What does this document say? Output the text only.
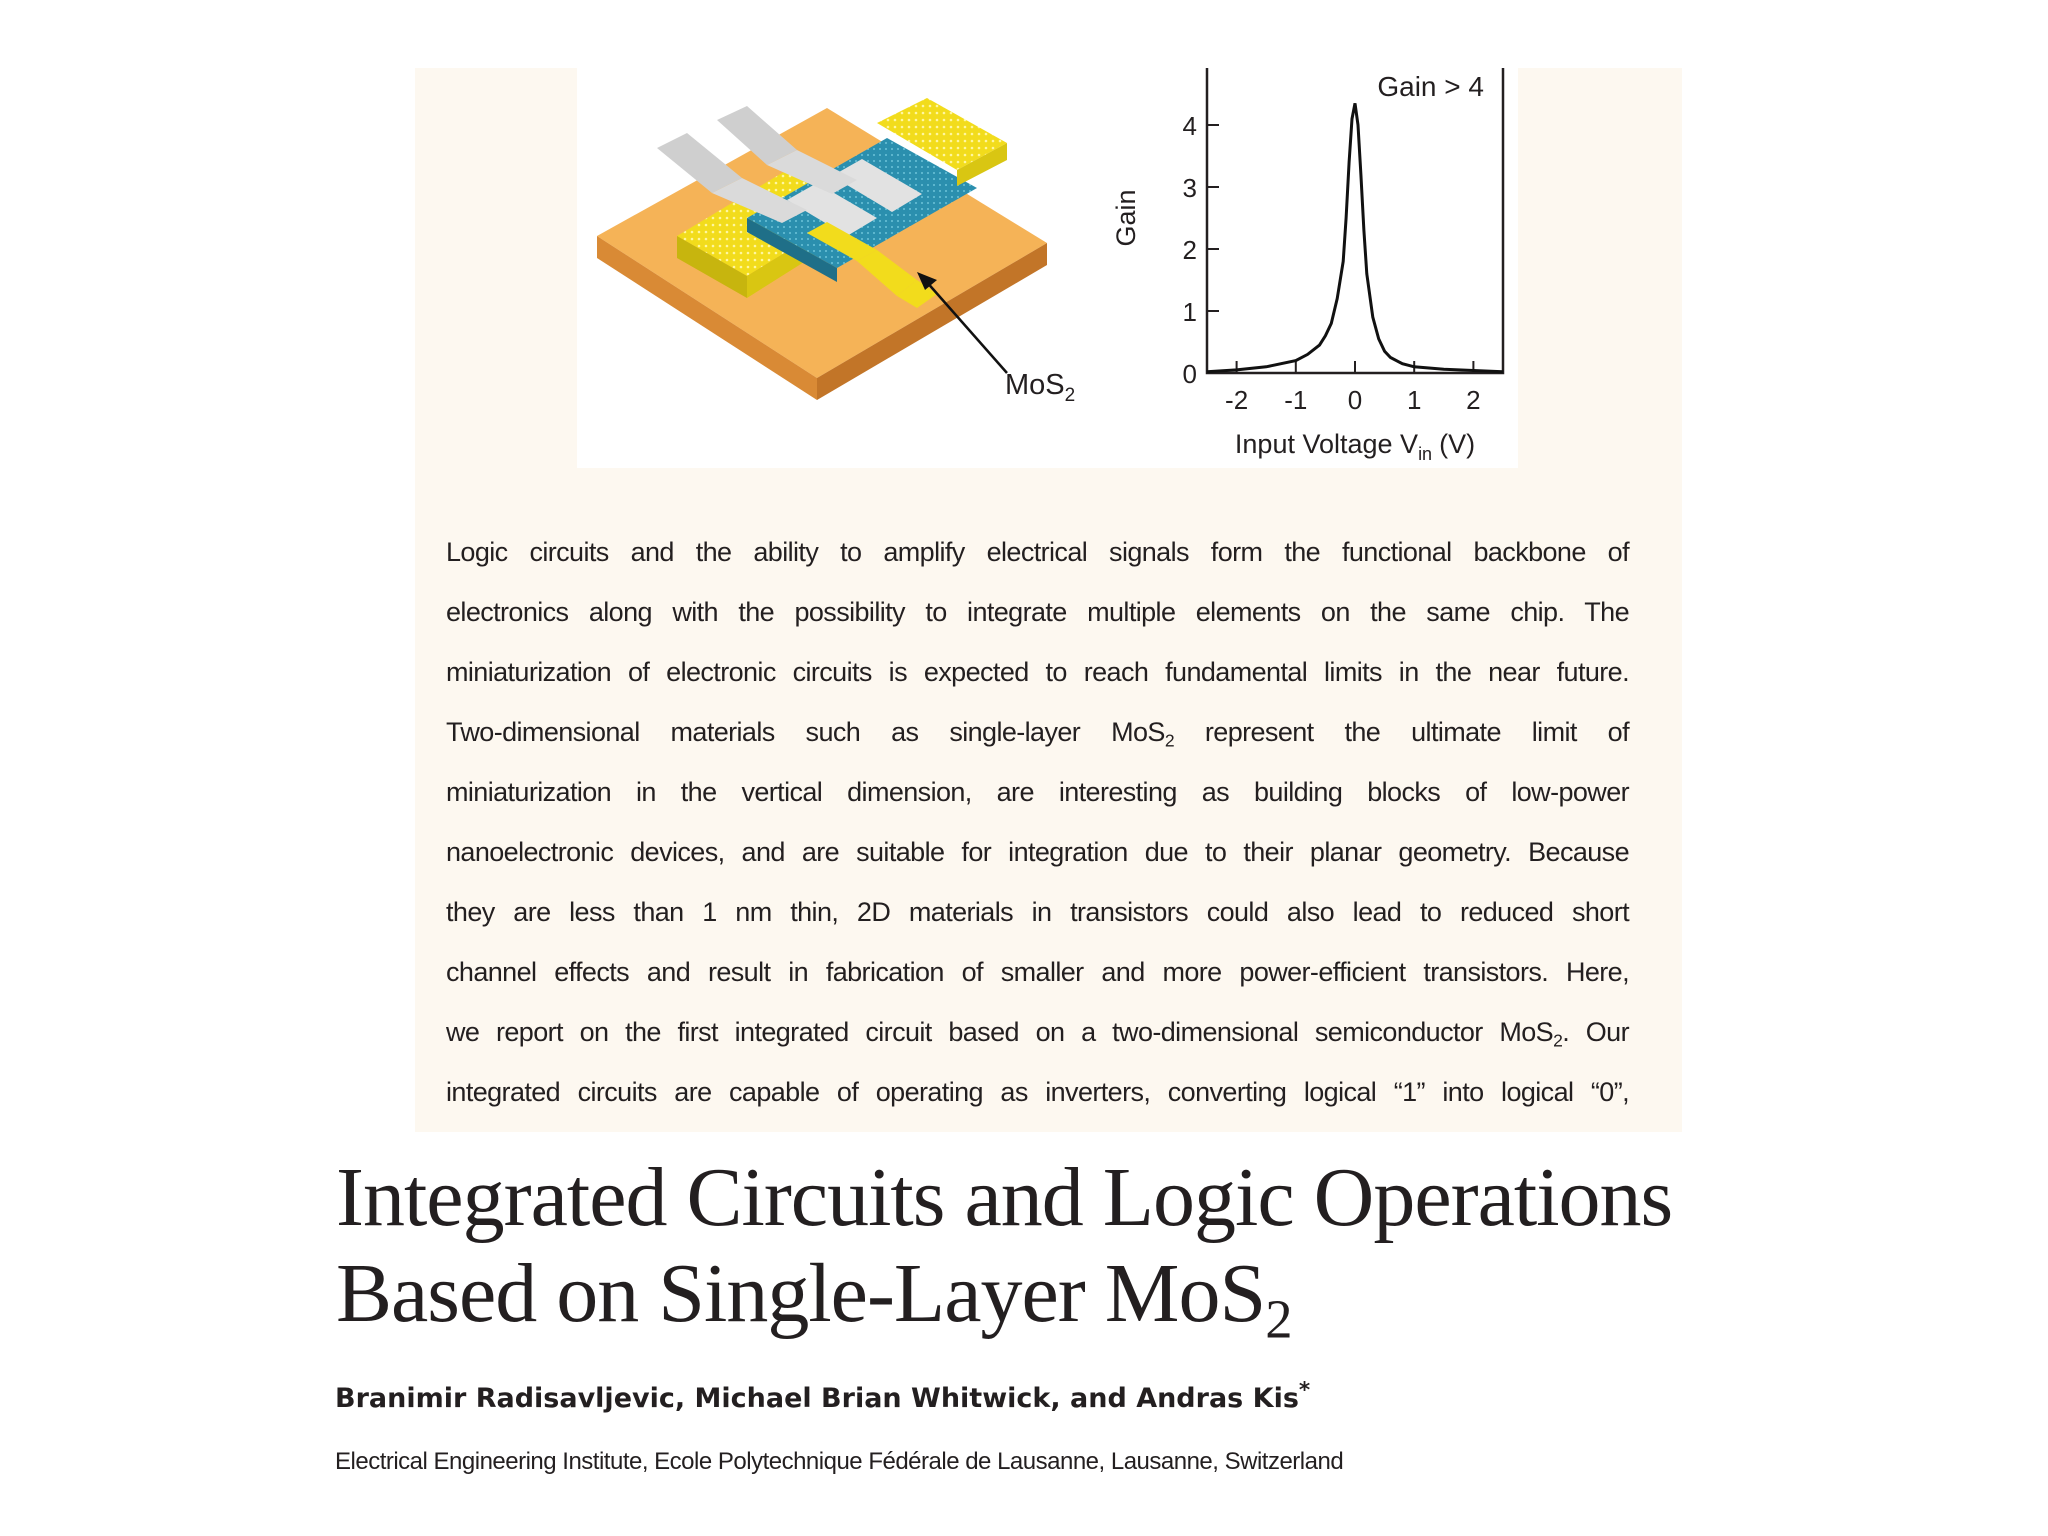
MoS$_2$
0
1
2
3
4
-2 -1 0 1 2
Gain > 4
Gain
Input Voltage $V_{in}$ (V)
Logic circuits and the ability to amplify electrical signals form the functional backbone of
electronics along with the possibility to integrate multiple elements on the same chip. The
miniaturization of electronic circuits is expected to reach fundamental limits in the near future.
Two-dimensional materials such as single-layer MoS$_2$ represent the ultimate limit of
miniaturization in the vertical dimension, are interesting as building blocks of low-power
nanoelectronic devices, and are suitable for integration due to their planar geometry. Because
they are less than 1 nm thin, 2D materials in transistors could also lead to reduced short
channel effects and result in fabrication of smaller and more power-efficient transistors. Here,
we report on the first integrated circuit based on a two-dimensional semiconductor MoS$_2$. Our
integrated circuits are capable of operating as inverters, converting logical “1” into logical “0”,
Integrated Circuits and Logic Operations
Based on Single-Layer MoS$_2$
Branimir Radisavljevic, Michael Brian Whitwick, and Andras Kis*
Electrical Engineering Institute, Ecole Polytechnique Fédérale de Lausanne, Lausanne, Switzerland
